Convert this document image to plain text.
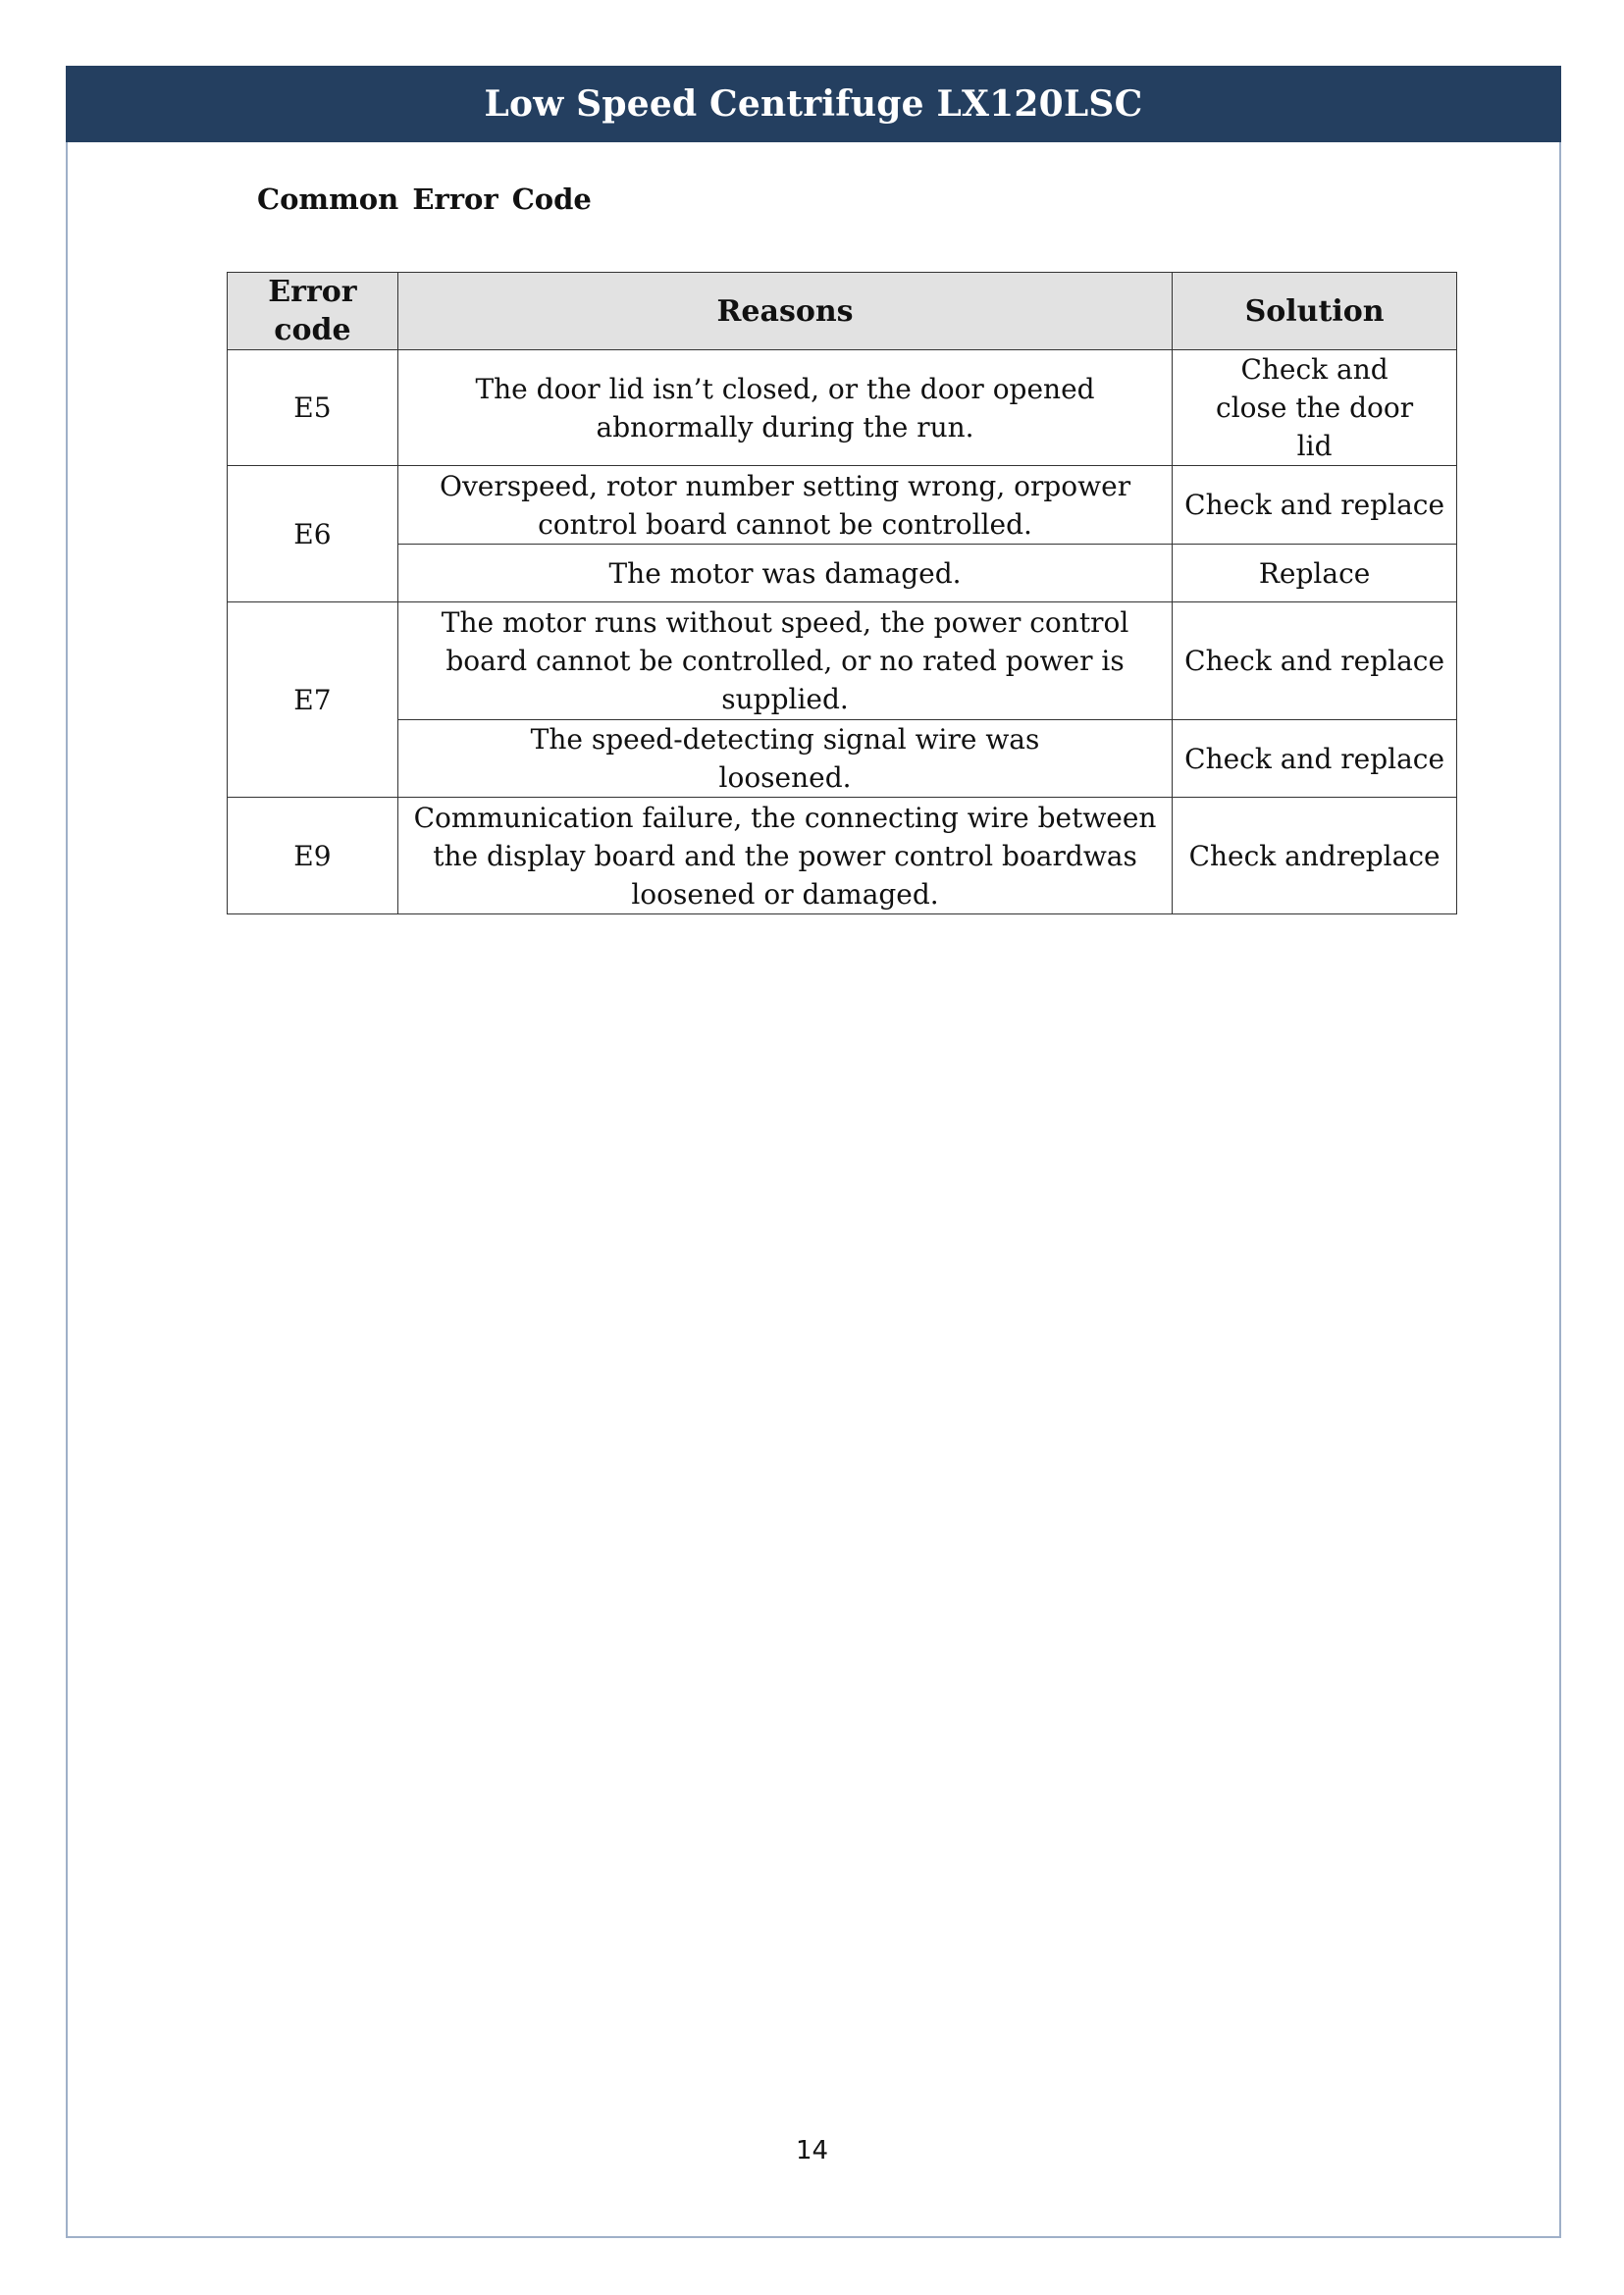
Low Speed Centrifuge LX120LSC
Common Error Code
Error code	Reasons	Solution
E5	The door lid isn’t closed, or the door opened abnormally during the run.	Check and close the door lid
E6	Overspeed, rotor number setting wrong, orpower control board cannot be controlled.	Check and replace
	The motor was damaged.	Replace
E7	The motor runs without speed, the power control board cannot be controlled, or no rated power is supplied.	Check and replace
	The speed-detecting signal wire was loosened.	Check and replace
E9	Communication failure, the connecting wire between the display board and the power control boardwas loosened or damaged.	Check andreplace
14
